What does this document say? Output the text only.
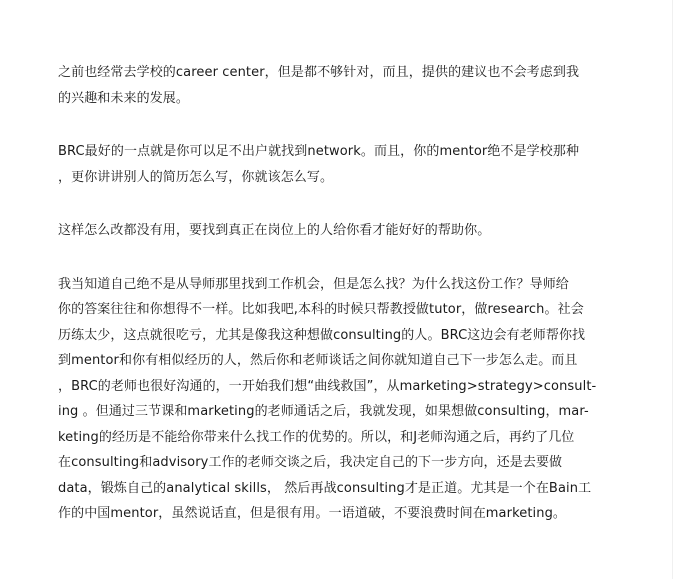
之前也经常去学校的career center，但是都不够针对，而且，提供的建议也不会考虑到我
的兴趣和未来的发展。
BRC最好的一点就是你可以足不出户就找到network。而且，你的mentor绝不是学校那种
，更你讲讲别人的简历怎么写，你就该怎么写。
这样怎么改都没有用，要找到真正在岗位上的人给你看才能好好的帮助你。
我当知道自己绝不是从导师那里找到工作机会，但是怎么找？为什么找这份工作？导师给
你的答案往往和你想得不一样。比如我吧,本科的时候只帮教授做tutor，做research。社会
历练太少，这点就很吃亏，尤其是像我这种想做consulting的人。BRC这边会有老师帮你找
到mentor和你有相似经历的人，然后你和老师谈话之间你就知道自己下一步怎么走。而且
，BRC的老师也很好沟通的，一开始我们想“曲线救国”，从marketing>strategy>consult-
ing 。但通过三节课和marketing的老师通话之后，我就发现，如果想做consulting，mar-
keting的经历是不能给你带来什么找工作的优势的。所以，和J老师沟通之后，再约了几位
在consulting和advisory工作的老师交谈之后，我决定自己的下一步方向，还是去要做
data，锻炼自己的analytical skills， 然后再战consulting才是正道。尤其是一个在Bain工
作的中国mentor，虽然说话直，但是很有用。一语道破，不要浪费时间在marketing。
